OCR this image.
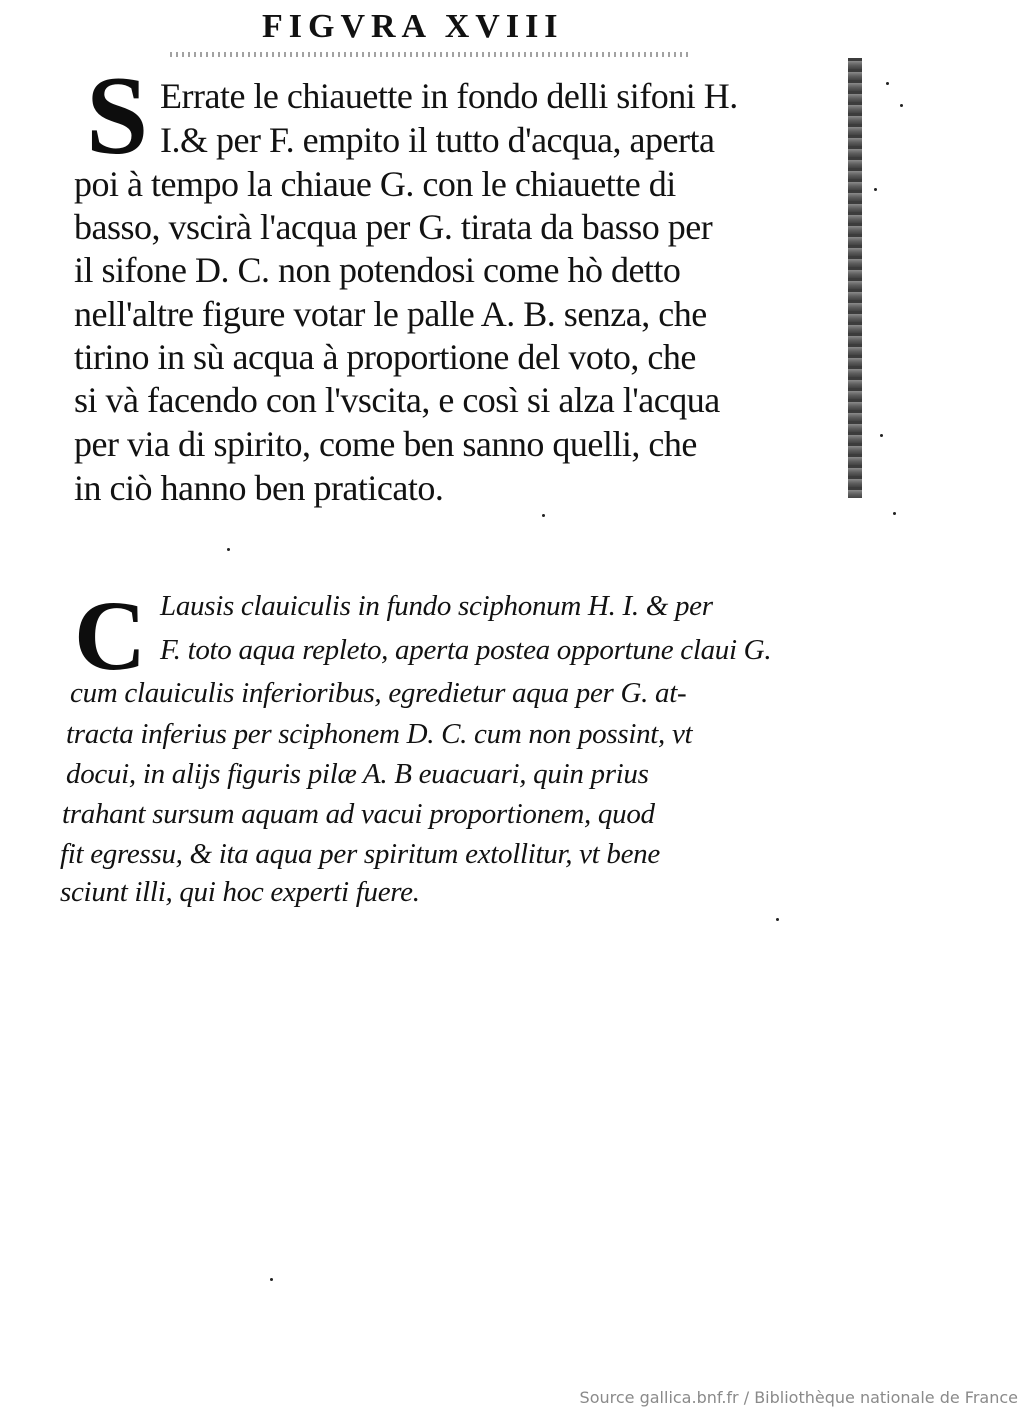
FIGVRA XVIII
S Errate le chiauette in fondo delli sifoni H.
I.& per F. empito il tutto d'acqua, aperta
poi à tempo la chiaue G. con le chiauette di
basso, vscirà l'acqua per G. tirata da basso per
il sifone D. C. non potendosi come hò detto
nell'altre figure votar le palle A. B. senza, che
tirino in sù acqua à proportione del voto, che
si và facendo con l'vscita, e così si alza l'acqua
per via di spirito, come ben sanno quelli, che
in ciò hanno ben praticato.
C Lausis clauiculis in fundo sciphonum H. I. & per
F. toto aqua repleto, aperta postea opportune claui G.
cum clauiculis inferioribus, egredietur aqua per G. at-
tracta inferius per sciphonem D. C. cum non possint, vt
docui, in alijs figuris pilæ A. B euacuari, quin prius
trahant sursum aquam ad vacui proportionem, quod
fit egressu, & ita aqua per spiritum extollitur, vt bene
sciunt illi, qui hoc experti fuere.
Source gallica.bnf.fr / Bibliothèque nationale de France
